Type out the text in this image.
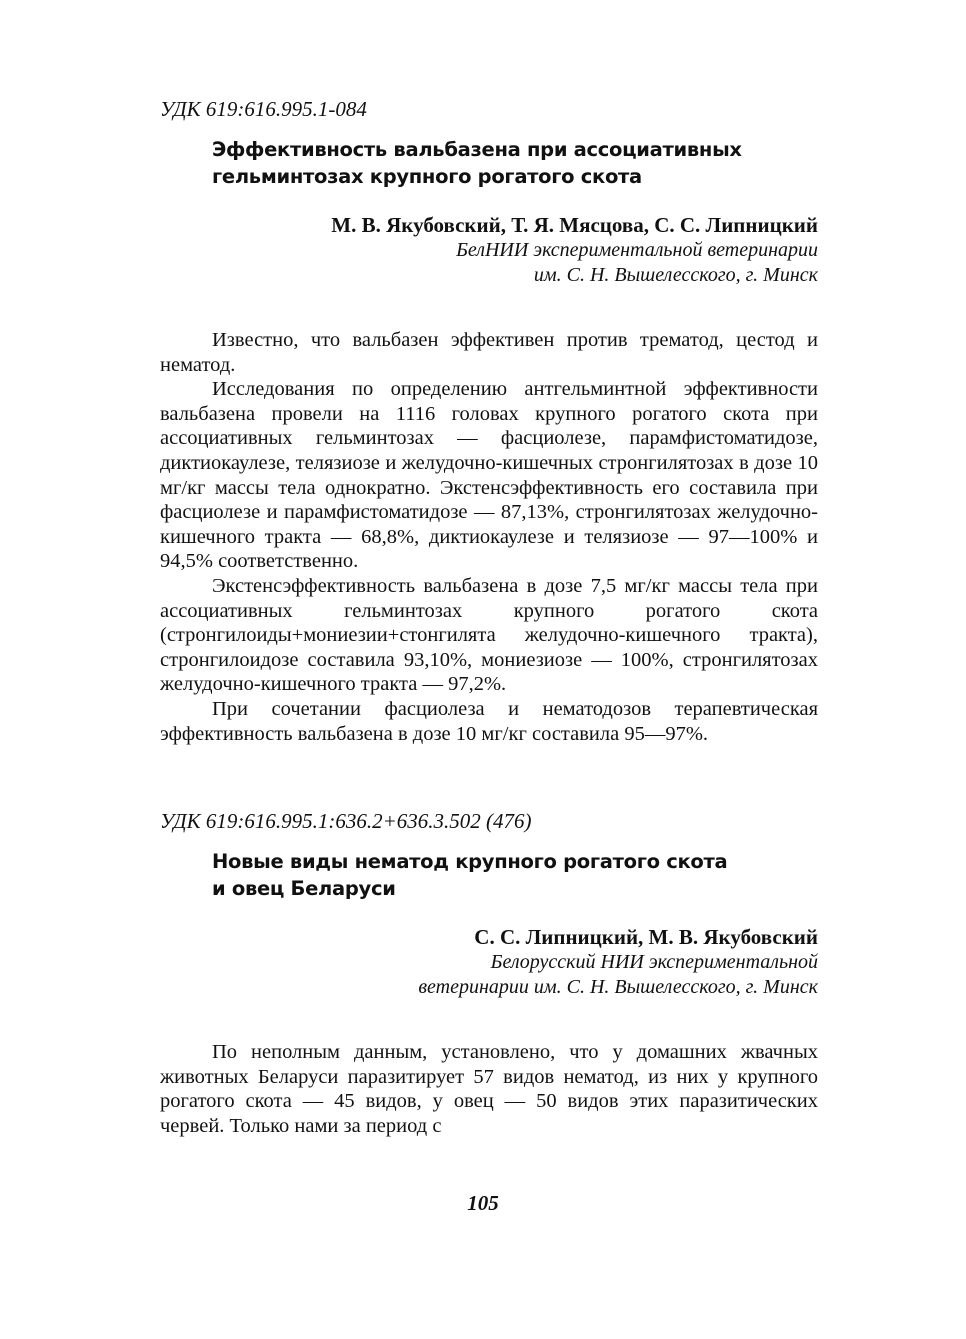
УДК 619:616.995.1-084

Эффективность вальбазена при ассоциативных
гельминтозах крупного рогатого скота

М. В. Якубовский, Т. Я. Мясцова, С. С. Липницкий

БелНИИ экспериментальной ветеринарии

им. С. Н. Вышелесского, г. Минск

Известно, что вальбазен эффективен против трематод, цестод и нематод.

Исследования по определению антгельминтной эффективности вальбазена провели на 1116 головах крупного рогатого скота при ассоциативных гельминтозах — фасциолезе, парамфистоматидозе, диктиокаулезе, телязиозе и желудочно-кишечных стронгилятозах в дозе 10 мг/кг массы тела однократно. Экстенсэффективность его составила при фасциолезе и парамфистоматидозе — 87,13%, стронгилятозах желудочно-кишечного тракта — 68,8%, диктиокаулезе и телязиозе — 97—100% и 94,5% соответственно.

Экстенсэффективность вальбазена в дозе 7,5 мг/кг массы тела при ассоциативных гельминтозах крупного рогатого скота (стронгилоиды+мониезии+стонгилята желудочно-кишечного тракта), стронгилоидозе составила 93,10%, мониезиозе — 100%, стронгилятозах желудочно-кишечного тракта — 97,2%.

При сочетании фасциолеза и нематодозов терапевтическая эффективность вальбазена в дозе 10 мг/кг составила 95—97%.

УДК 619:616.995.1:636.2+636.3.502 (476)

Новые виды нематод крупного рогатого скота
и овец Беларуси

С. С. Липницкий, М. В. Якубовский

Белорусский НИИ экспериментальной

ветеринарии им. С. Н. Вышелесского, г. Минск

По неполным данным, установлено, что у домашних жвачных животных Беларуси паразитирует 57 видов нематод, из них у крупного рогатого скота — 45 видов, у овец — 50 видов этих паразитических червей. Только нами за период с

105
